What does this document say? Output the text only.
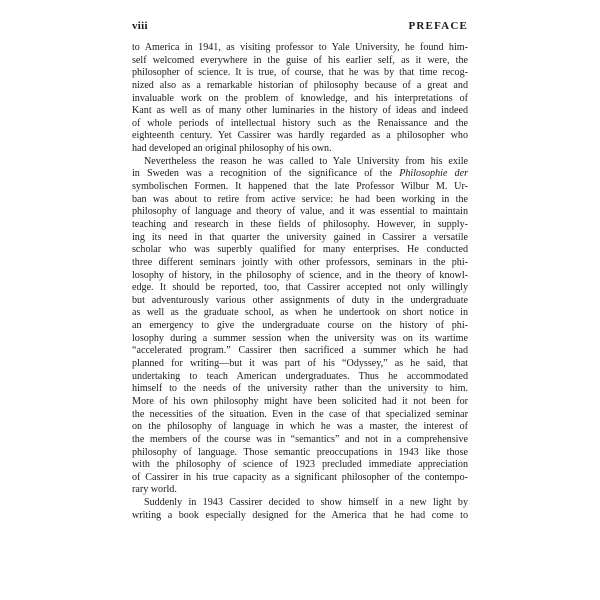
viii	PREFACE

to America in 1941, as visiting professor to Yale University, he found him-
self welcomed everywhere in the guise of his earlier self, as it were, the
philosopher of science. It is true, of course, that he was by that time recog-
nized also as a remarkable historian of philosophy because of a great and
invaluable work on the problem of knowledge, and his interpretations of
Kant as well as of many other luminaries in the history of ideas and indeed
of whole periods of intellectual history such as the Renaissance and the
eighteenth century. Yet Cassirer was hardly regarded as a philosopher who
had developed an original philosophy of his own.

Nevertheless the reason he was called to Yale University from his exile
in Sweden was a recognition of the significance of the Philosophie der
symbolischen Formen. It happened that the late Professor Wilbur M. Ur-
ban was about to retire from active service: he had been working in the
philosophy of language and theory of value, and it was essential to maintain
teaching and research in these fields of philosophy. However, in supply-
ing its need in that quarter the university gained in Cassirer a versatile
scholar who was superbly qualified for many enterprises. He conducted
three different seminars jointly with other professors, seminars in the phi-
losophy of history, in the philosophy of science, and in the theory of knowl-
edge. It should be reported, too, that Cassirer accepted not only willingly
but adventurously various other assignments of duty in the undergraduate
as well as the graduate school, as when he undertook on short notice in
an emergency to give the undergraduate course on the history of phi-
losophy during a summer session when the university was on its wartime
“accelerated program.” Cassirer then sacrificed a summer which he had
planned for writing—but it was part of his “Odyssey,” as he said, that
undertaking to teach American undergraduates. Thus he accommodated
himself to the needs of the university rather than the university to him.
More of his own philosophy might have been solicited had it not been for
the necessities of the situation. Even in the case of that specialized seminar
on the philosophy of language in which he was a master, the interest of
the members of the course was in “semantics” and not in a comprehensive
philosophy of language. Those semantic preoccupations in 1943 like those
with the philosophy of science of 1923 precluded immediate appreciation
of Cassirer in his true capacity as a significant philosopher of the contempo-
rary world.

Suddenly in 1943 Cassirer decided to show himself in a new light by
writing a book especially designed for the America that he had come to
